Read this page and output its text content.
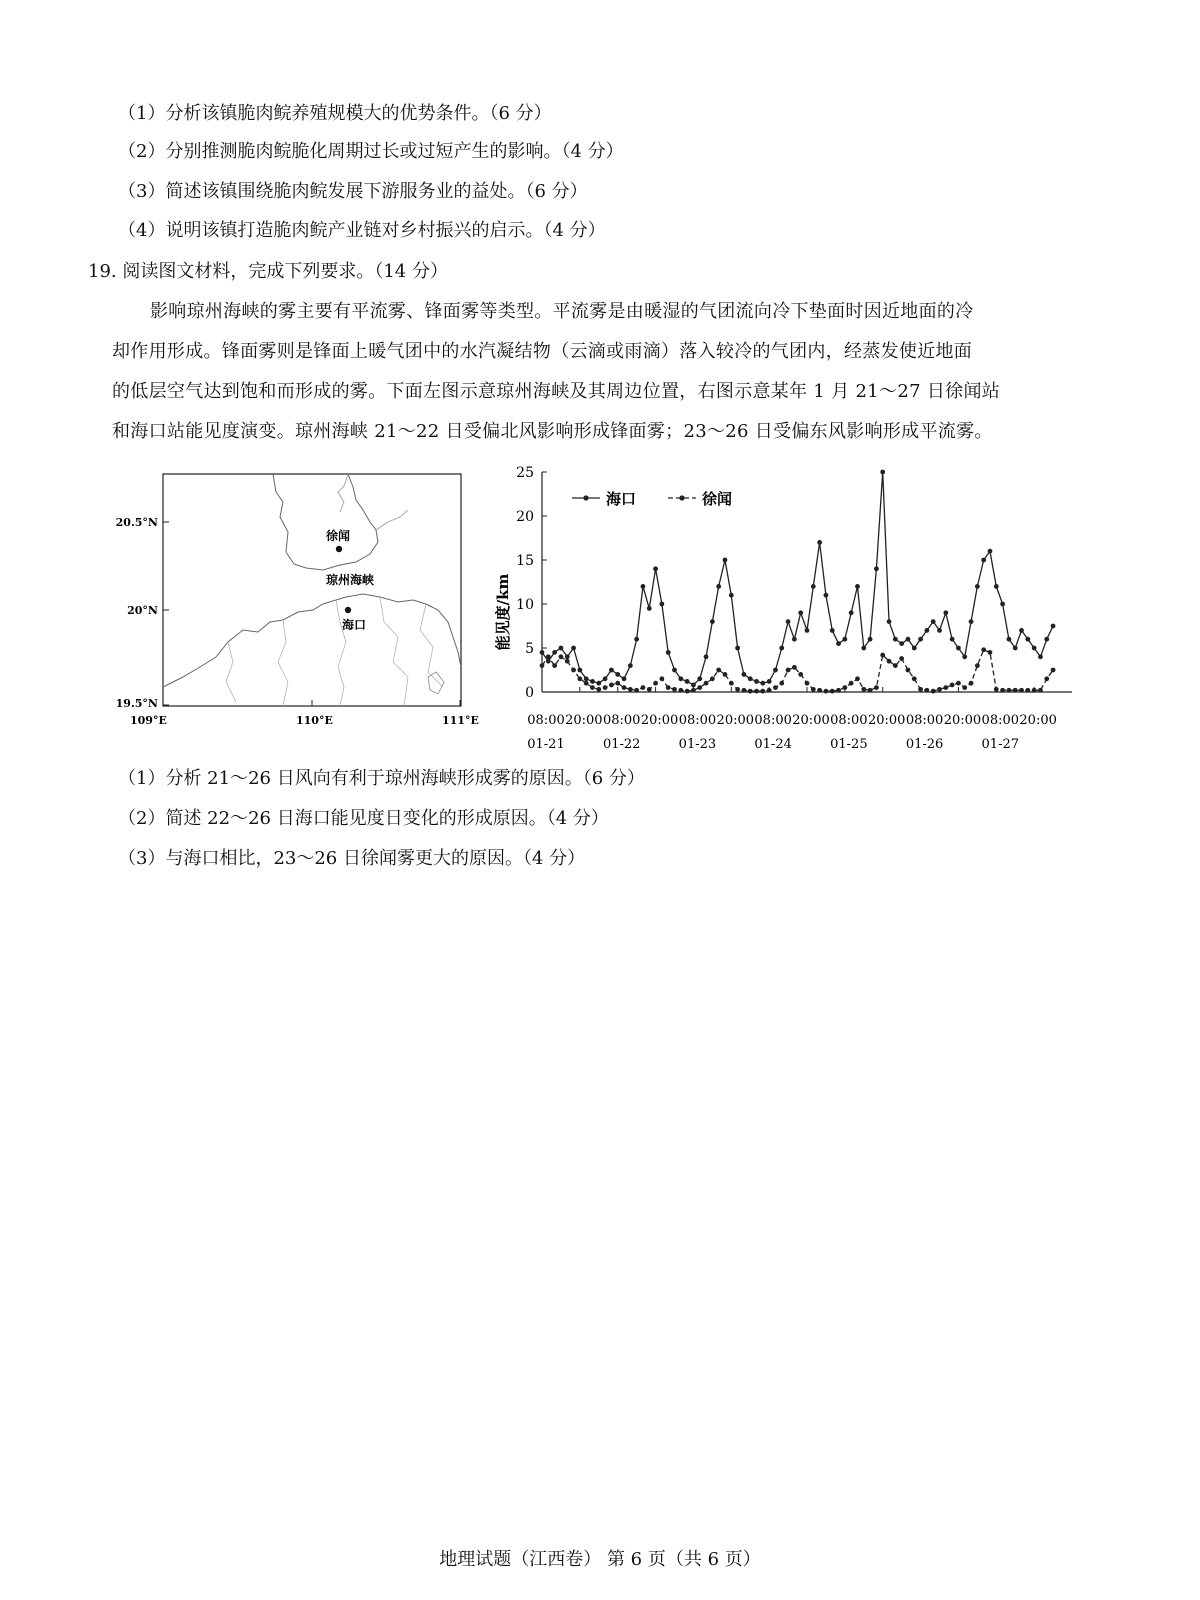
（1）分析该镇脆肉鲩养殖规模大的优势条件。（6 分）
（2）分别推测脆肉鲩脆化周期过长或过短产生的影响。（4 分）
（3）简述该镇围绕脆肉鲩发展下游服务业的益处。（6 分）
（4）说明该镇打造脆肉鲩产业链对乡村振兴的启示。（4 分）
19. 阅读图文材料，完成下列要求。（14 分）
影响琼州海峡的雾主要有平流雾、锋面雾等类型。平流雾是由暖湿的气团流向冷下垫面时因近地面的冷
却作用形成。锋面雾则是锋面上暖气团中的水汽凝结物（云滴或雨滴）落入较冷的气团内，经蒸发使近地面
的低层空气达到饱和而形成的雾。下面左图示意琼州海峡及其周边位置，右图示意某年 1 月 21～27 日徐闻站
和海口站能见度演变。琼州海峡 21～22 日受偏北风影响形成锋面雾；23～26 日受偏东风影响形成平流雾。
徐闻
琼州海峡
海口
20.5°N
20°N
19.5°N
109°E	110°E	111°E
0
5
10
15
20
25
08:00 20:00 08:00 20:00 08:00 20:00 08:00 20:00 08:00 20:00 08:00 20:00 08:00 20:00
01-21	01-22	01-23	01-24	01-25	01-26	01-27
海口	徐闻
能见度/km
（1）分析 21～26 日风向有利于琼州海峡形成雾的原因。（6 分）
（2）简述 22～26 日海口能见度日变化的形成原因。（4 分）
（3）与海口相比，23～26 日徐闻雾更大的原因。（4 分）
地理试题（江西卷） 第 6 页（共 6 页）
